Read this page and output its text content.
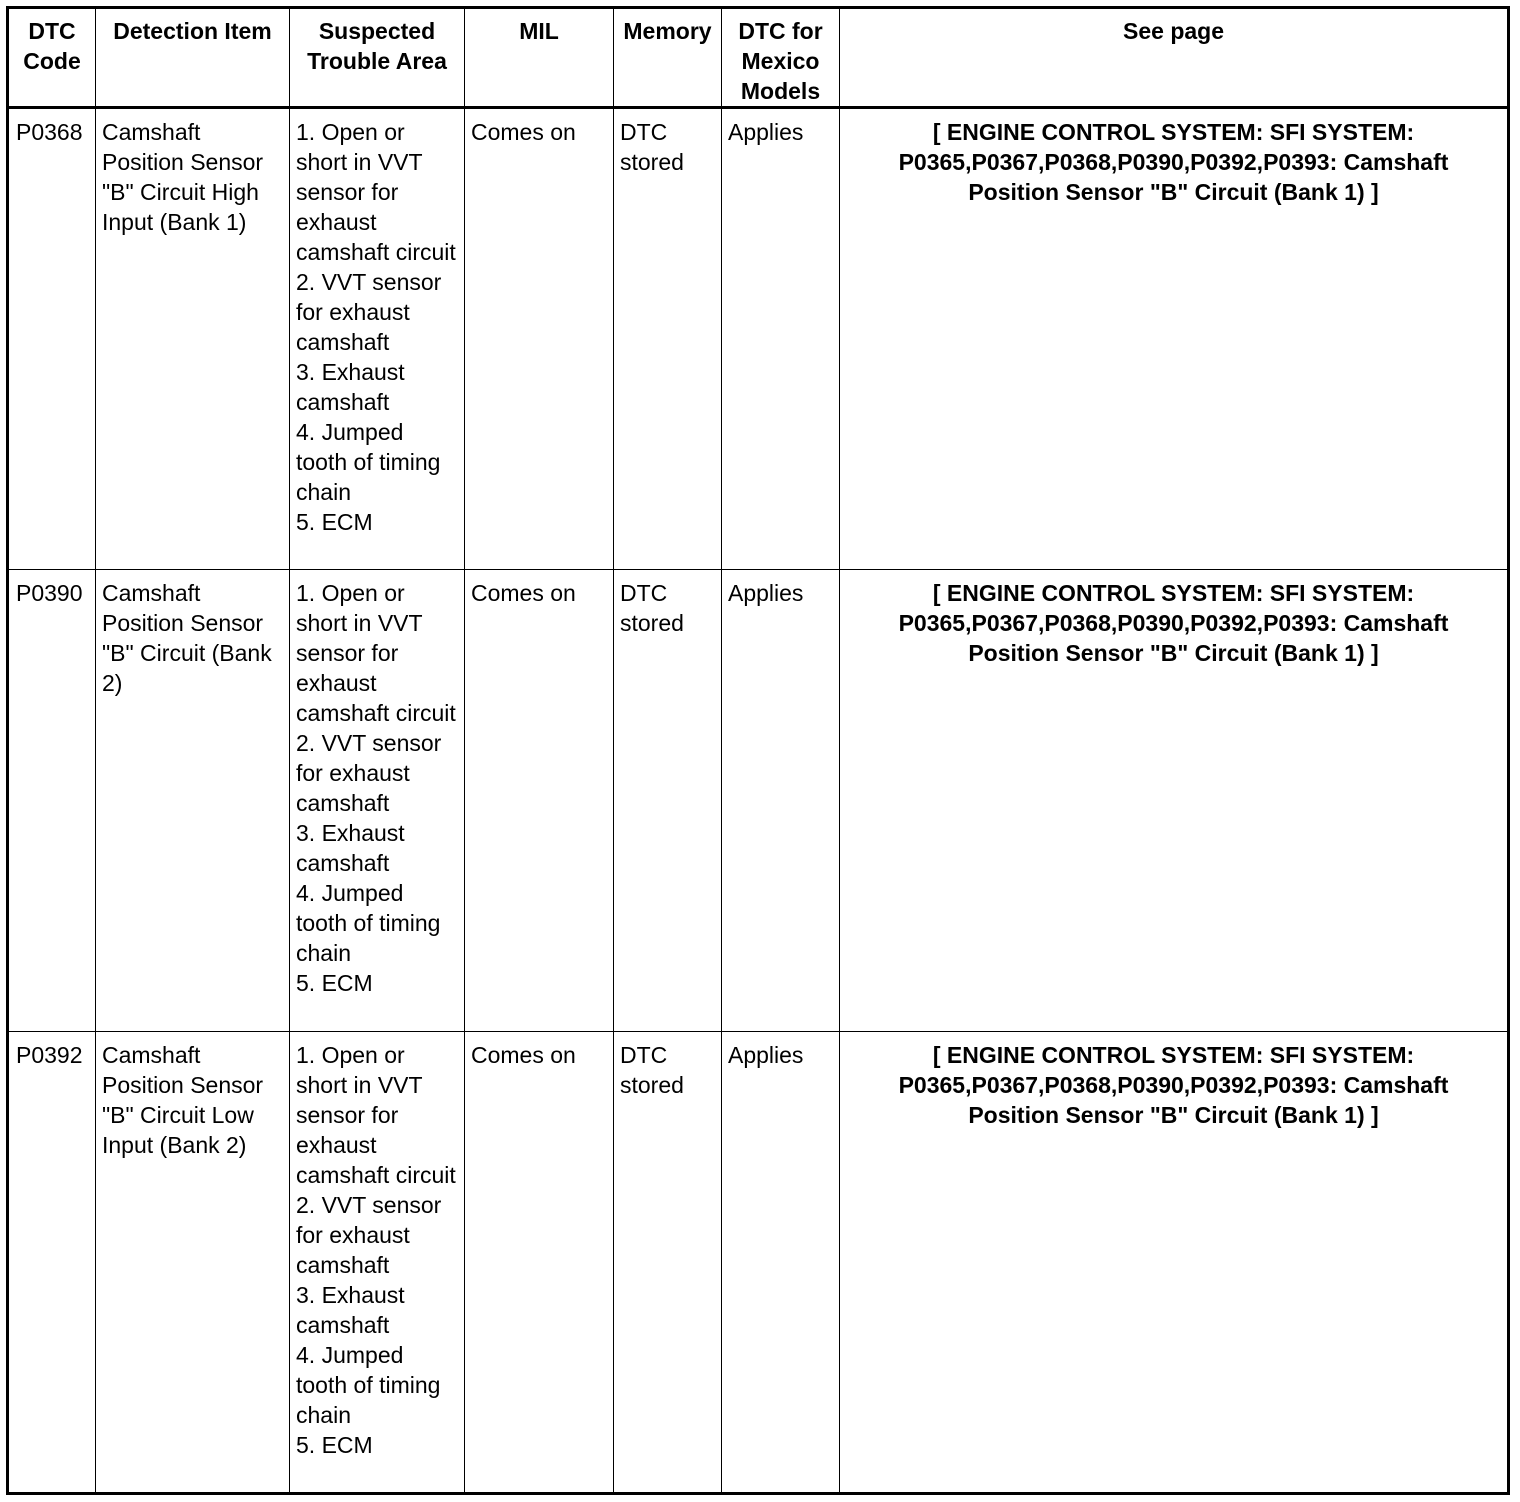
DTC Code	Detection Item	Suspected Trouble Area	MIL	Memory	DTC for Mexico Models	See page
P0368	Camshaft Position Sensor "B" Circuit High Input (Bank 1)	1. Open or short in VVT sensor for exhaust camshaft circuit
2. VVT sensor for exhaust camshaft
3. Exhaust camshaft
4. Jumped tooth of timing chain
5. ECM	Comes on	DTC stored	Applies	[ ENGINE CONTROL SYSTEM: SFI SYSTEM: P0365,P0367,P0368,P0390,P0392,P0393: Camshaft Position Sensor "B" Circuit (Bank 1) ]
P0390	Camshaft Position Sensor "B" Circuit (Bank 2)	1. Open or short in VVT sensor for exhaust camshaft circuit
2. VVT sensor for exhaust camshaft
3. Exhaust camshaft
4. Jumped tooth of timing chain
5. ECM	Comes on	DTC stored	Applies	[ ENGINE CONTROL SYSTEM: SFI SYSTEM: P0365,P0367,P0368,P0390,P0392,P0393: Camshaft Position Sensor "B" Circuit (Bank 1) ]
P0392	Camshaft Position Sensor "B" Circuit Low Input (Bank 2)	1. Open or short in VVT sensor for exhaust camshaft circuit
2. VVT sensor for exhaust camshaft
3. Exhaust camshaft
4. Jumped tooth of timing chain
5. ECM	Comes on	DTC stored	Applies	[ ENGINE CONTROL SYSTEM: SFI SYSTEM: P0365,P0367,P0368,P0390,P0392,P0393: Camshaft Position Sensor "B" Circuit (Bank 1) ]
